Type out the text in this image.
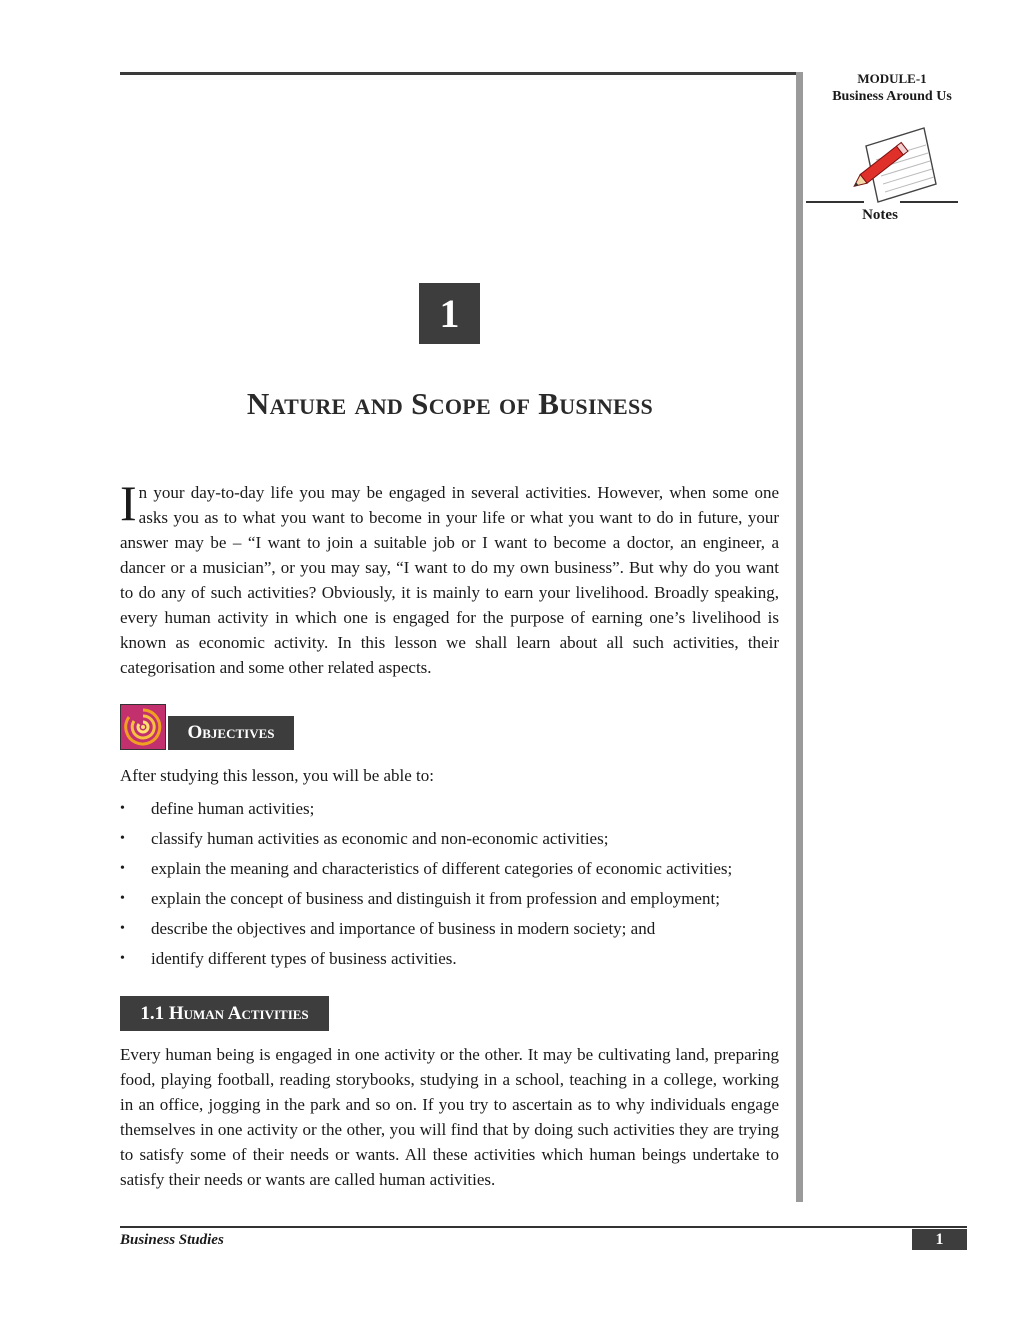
MODULE-1
Business Around Us
Notes
1
Nature and Scope of Business

In your day-to-day life you may be engaged in several activities. However, when some one asks you as to what you want to become in your life or what you want to do in future, your answer may be – “I want to join a suitable job or I want to become a doctor, an engineer, a dancer or a musician”, or you may say, “I want to do my own business”. But why do you want to do any of such activities? Obviously, it is mainly to earn your livelihood. Broadly speaking, every human activity in which one is engaged for the purpose of earning one’s livelihood is known as economic activity. In this lesson we shall learn about all such activities, their categorisation and some other related aspects.

Objectives

After studying this lesson, you will be able to:

• define human activities;
• classify human activities as economic and non-economic activities;
• explain the meaning and characteristics of different categories of economic activities;
• explain the concept of business and distinguish it from profession and employment;
• describe the objectives and importance of business in modern society; and
• identify different types of business activities.
1.1 Human Activities

Every human being is engaged in one activity or the other. It may be cultivating land, preparing food, playing football, reading storybooks, studying in a school, teaching in a college, working in an office, jogging in the park and so on. If you try to ascertain as to why individuals engage themselves in one activity or the other, you will find that by doing such activities they are trying to satisfy some of their needs or wants. All these activities which human beings undertake to satisfy their needs or wants are called human activities.

Business Studies	1
